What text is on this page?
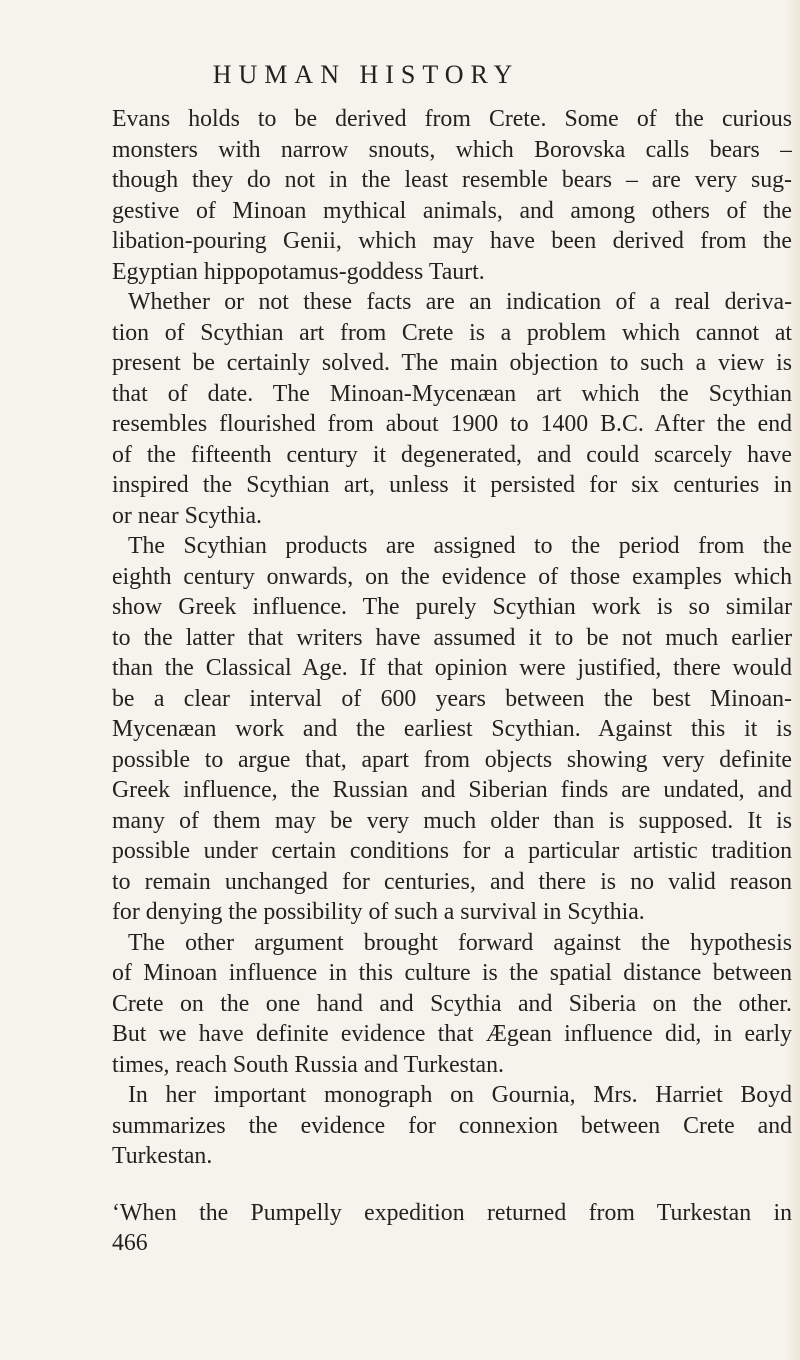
HUMAN HISTORY
Evans holds to be derived from Crete. Some of the curious
monsters with narrow snouts, which Borovska calls bears –
though they do not in the least resemble bears – are very sug-
gestive of Minoan mythical animals, and among others of the
libation-pouring Genii, which may have been derived from the
Egyptian hippopotamus-goddess Taurt.
Whether or not these facts are an indication of a real deriva-
tion of Scythian art from Crete is a problem which cannot at
present be certainly solved. The main objection to such a view is
that of date. The Minoan-Mycenæan art which the Scythian
resembles flourished from about 1900 to 1400 B.C. After the end
of the fifteenth century it degenerated, and could scarcely have
inspired the Scythian art, unless it persisted for six centuries in
or near Scythia.
The Scythian products are assigned to the period from the
eighth century onwards, on the evidence of those examples which
show Greek influence. The purely Scythian work is so similar
to the latter that writers have assumed it to be not much earlier
than the Classical Age. If that opinion were justified, there would
be a clear interval of 600 years between the best Minoan-
Mycenæan work and the earliest Scythian. Against this it is
possible to argue that, apart from objects showing very definite
Greek influence, the Russian and Siberian finds are undated, and
many of them may be very much older than is supposed. It is
possible under certain conditions for a particular artistic tradition
to remain unchanged for centuries, and there is no valid reason
for denying the possibility of such a survival in Scythia.
The other argument brought forward against the hypothesis
of Minoan influence in this culture is the spatial distance between
Crete on the one hand and Scythia and Siberia on the other.
But we have definite evidence that Ægean influence did, in early
times, reach South Russia and Turkestan.
In her important monograph on Gournia, Mrs. Harriet Boyd
summarizes the evidence for connexion between Crete and
Turkestan.
‘When the Pumpelly expedition returned from Turkestan in
466
